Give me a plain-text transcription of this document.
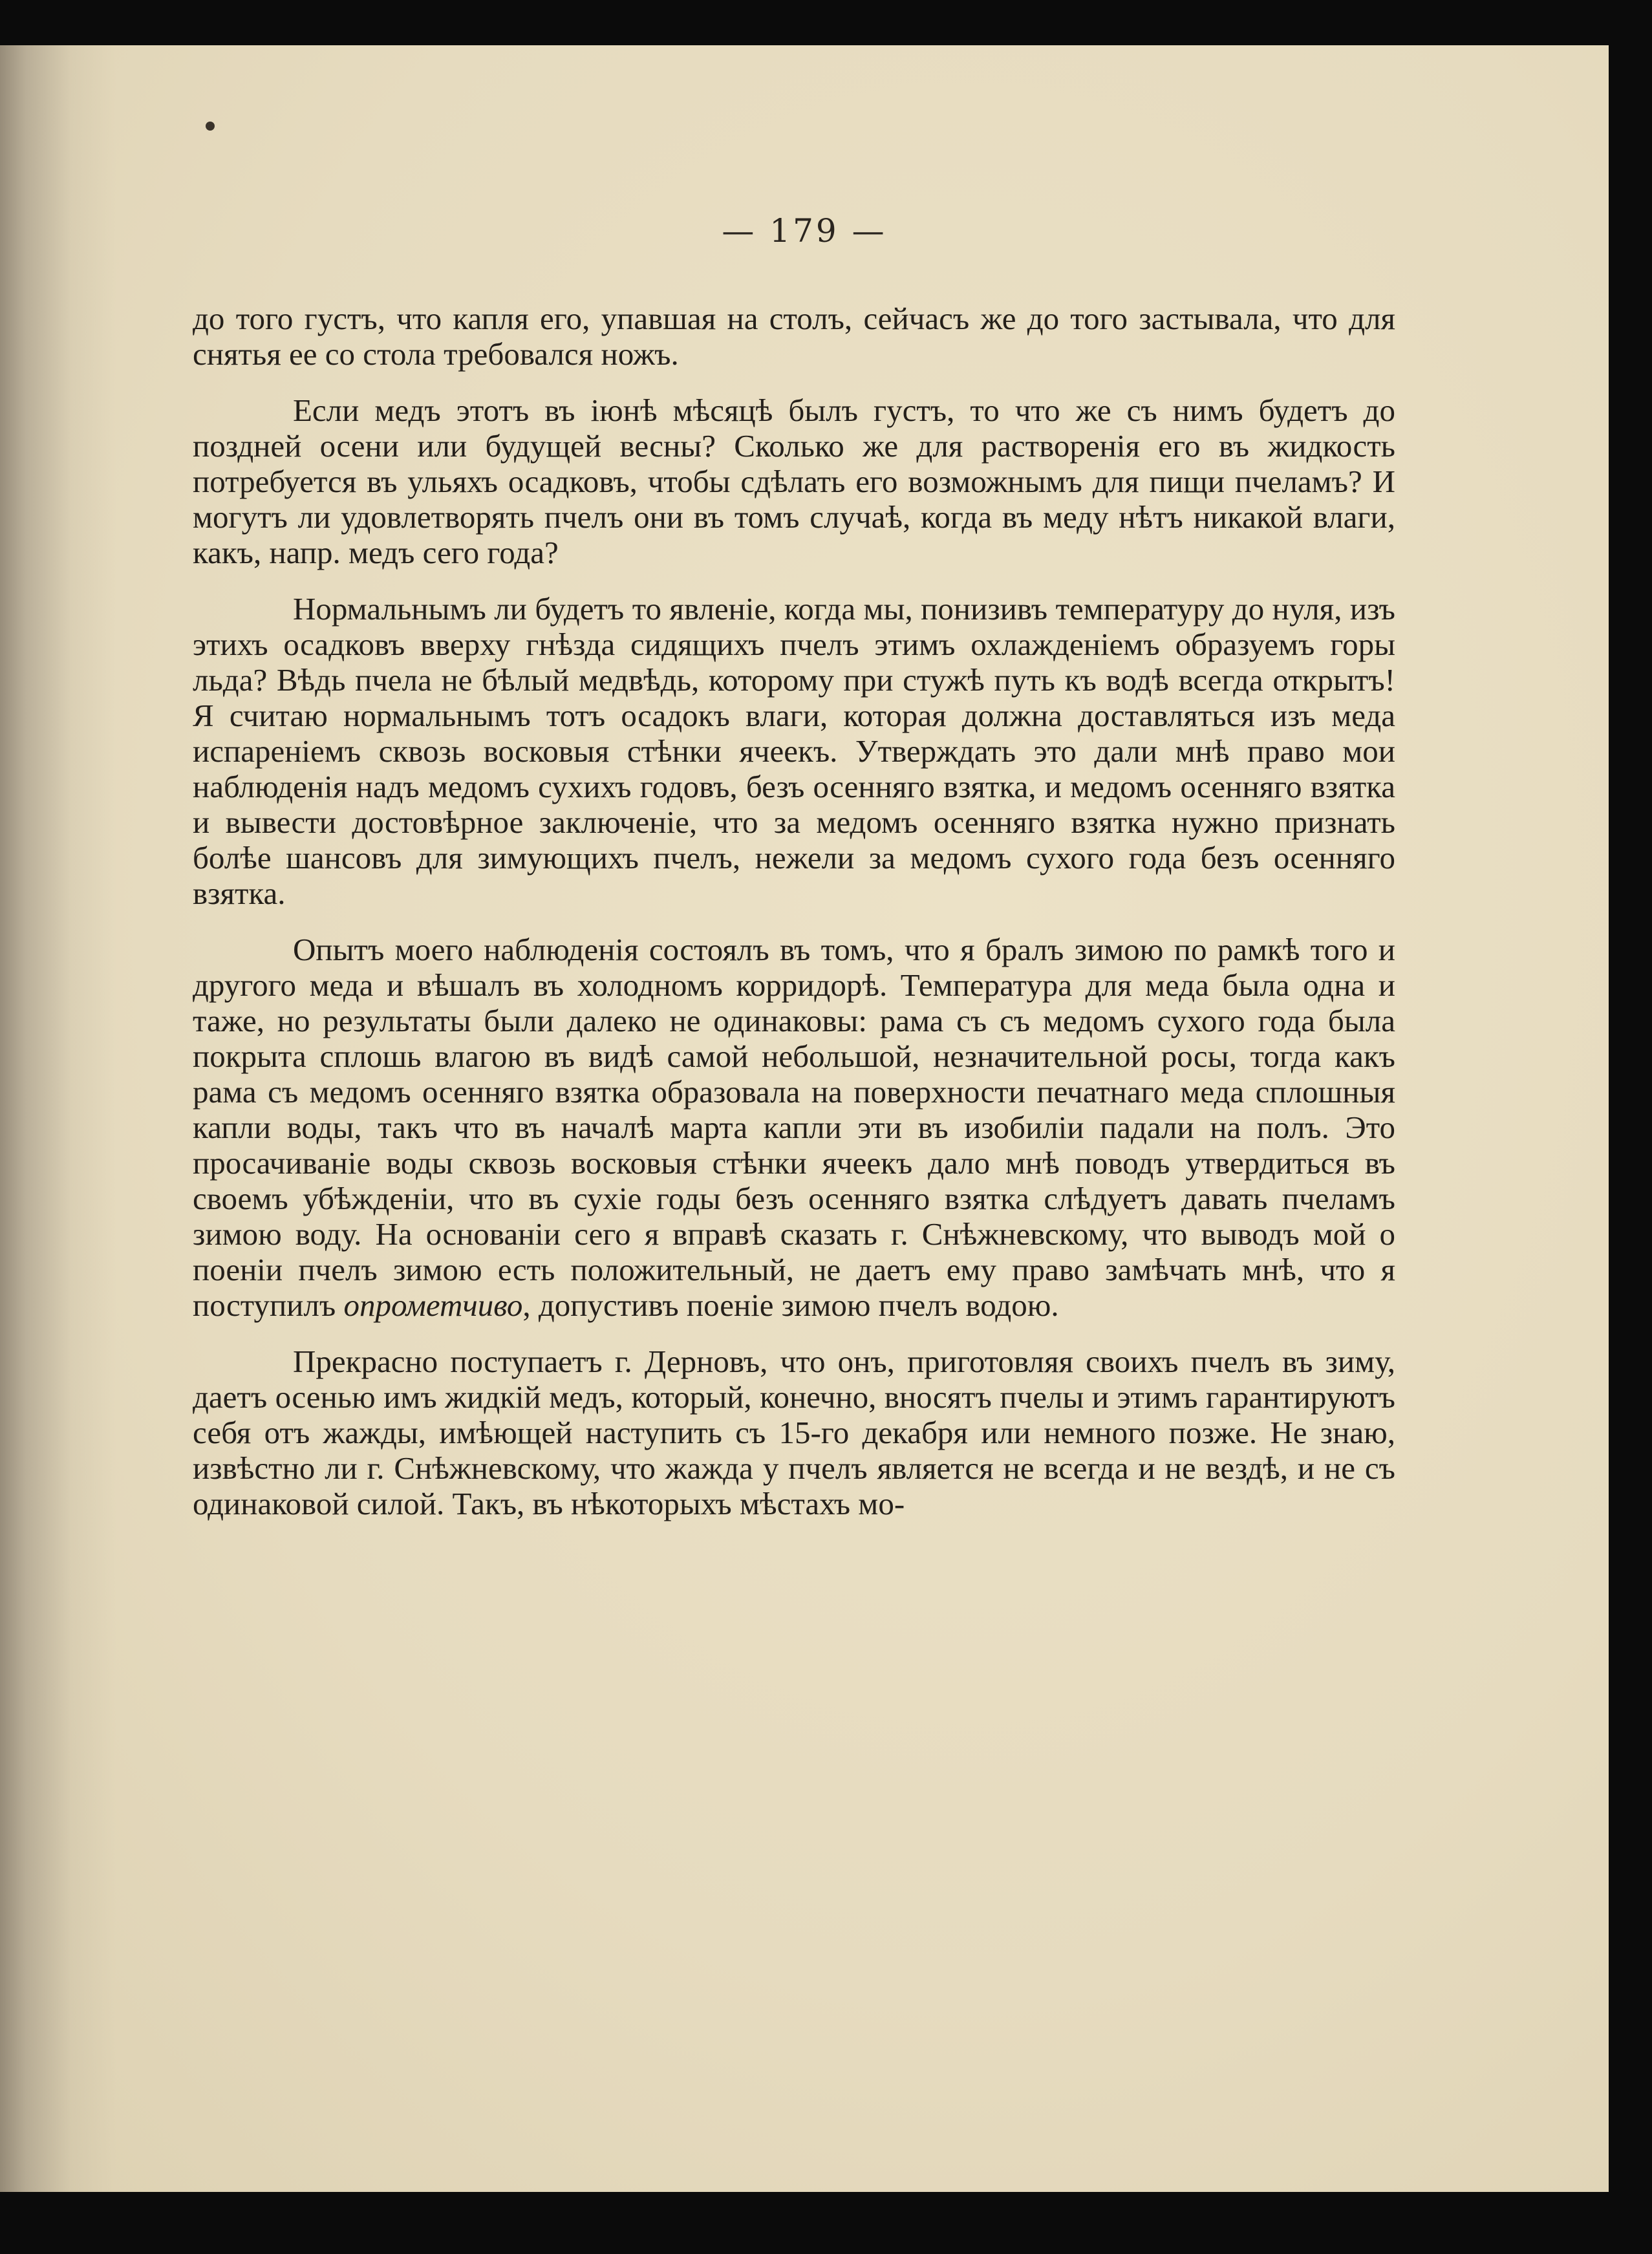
— 179 —

до того густъ, что капля его, упавшая на столъ, сейчасъ же до того застывала, что для снятья ее со стола требовался ножъ.

Если медъ этотъ въ іюнѣ мѣсяцѣ былъ густъ, то что же съ нимъ будетъ до поздней осени или будущей весны? Сколько же для растворенія его въ жидкость потребуется въ ульяхъ осадковъ, чтобы сдѣлать его возможнымъ для пищи пчеламъ? И могутъ ли удовлетворять пчелъ они въ томъ случаѣ, когда въ меду нѣтъ никакой влаги, какъ, напр. медъ сего года?

Нормальнымъ ли будетъ то явленіе, когда мы, понизивъ температуру до нуля, изъ этихъ осадковъ вверху гнѣзда сидящихъ пчелъ этимъ охлажденіемъ образуемъ горы льда? Вѣдь пчела не бѣлый медвѣдь, которому при стужѣ путь къ водѣ всегда открытъ! Я считаю нормальнымъ тотъ осадокъ влаги, которая должна доставляться изъ меда испареніемъ сквозь восковыя стѣнки ячеекъ. Утверждать это дали мнѣ право мои наблюденія надъ медомъ сухихъ годовъ, безъ осенняго взятка, и медомъ осенняго взятка и вывести достовѣрное заключеніе, что за медомъ осенняго взятка нужно признать болѣе шансовъ для зимующихъ пчелъ, нежели за медомъ сухого года безъ осенняго взятка.

Опытъ моего наблюденія состоялъ въ томъ, что я бралъ зимою по рамкѣ того и другого меда и вѣшалъ въ холодномъ корридорѣ. Температура для меда была одна и таже, но результаты были далеко не одинаковы: рама съ съ медомъ сухого года была покрыта сплошь влагою въ видѣ самой небольшой, незначительной росы, тогда какъ рама съ медомъ осенняго взятка образовала на поверхности печатнаго меда сплошныя капли воды, такъ что въ началѣ марта капли эти въ изобиліи падали на полъ. Это просачиваніе воды сквозь восковыя стѣнки ячеекъ дало мнѣ поводъ утвердиться въ своемъ убѣжденіи, что въ сухіе годы безъ осенняго взятка слѣдуетъ давать пчеламъ зимою воду. На основаніи сего я вправѣ сказать г. Снѣжневскому, что выводъ мой о поеніи пчелъ зимою есть положительный, не даетъ ему право замѣчать мнѣ, что я поступилъ опрометчиво, допустивъ поеніе зимою пчелъ водою.

Прекрасно поступаетъ г. Дерновъ, что онъ, приготовляя своихъ пчелъ въ зиму, даетъ осенью имъ жидкій медъ, который, конечно, вносятъ пчелы и этимъ гарантируютъ себя отъ жажды, имѣющей наступить съ 15-го декабря или немного позже. Не знаю, извѣстно ли г. Снѣжневскому, что жажда у пчелъ является не всегда и не вездѣ, и не съ одинаковой силой. Такъ, въ нѣкоторыхъ мѣстахъ мо-
